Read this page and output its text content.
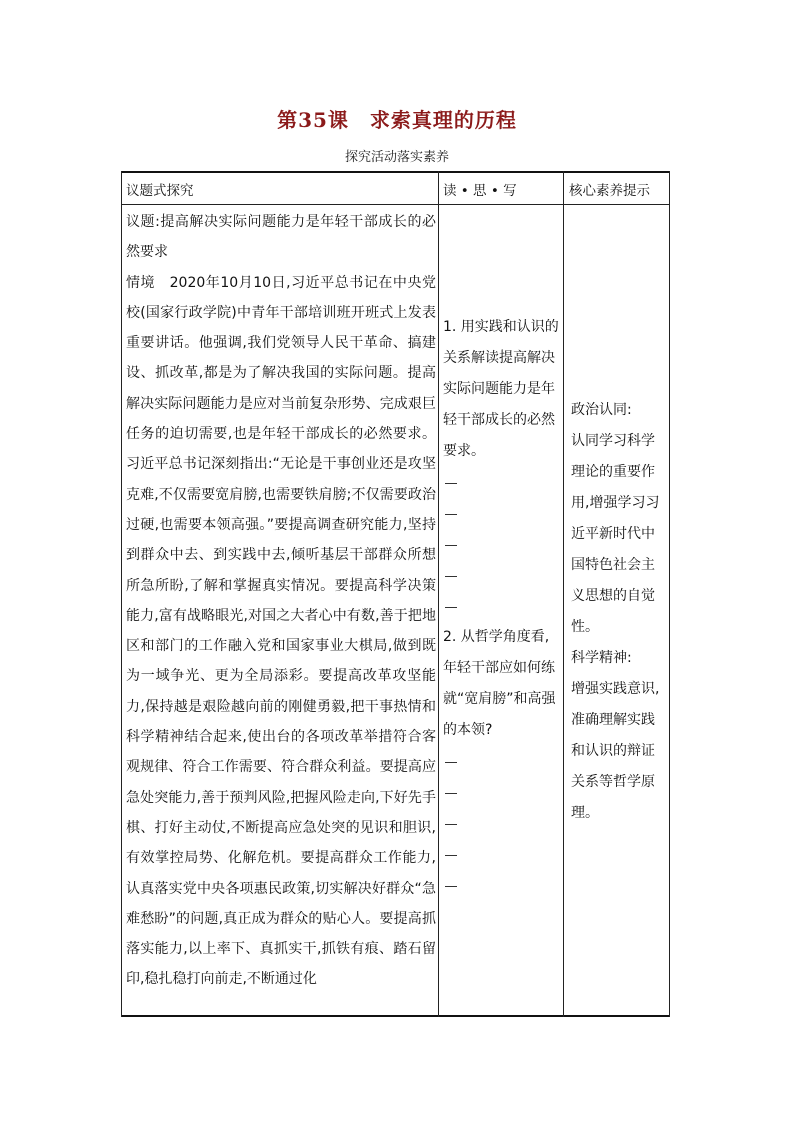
第35课　求索真理的历程
探究活动落实素养
议题式探究	读 • 思 • 写	核心素养提示

议题:提高解决实际问题能力是年轻干部成长的必然要求

情境　2020年10月10日,习近平总书记在中央党校(国家行政学院)中青年干部培训班开班式上发表重要讲话。他强调,我们党领导人民干革命、搞建设、抓改革,都是为了解决我国的实际问题。提高解决实际问题能力是应对当前复杂形势、完成艰巨任务的迫切需要,也是年轻干部成长的必然要求。习近平总书记深刻指出:“无论是干事创业还是攻坚克难,不仅需要宽肩膀,也需要铁肩膀;不仅需要政治过硬,也需要本领高强。”要提高调查研究能力,坚持到群众中去、到实践中去,倾听基层干部群众所想所急所盼,了解和掌握真实情况。要提高科学决策能力,富有战略眼光,对国之大者心中有数,善于把地区和部门的工作融入党和国家事业大棋局,做到既为一域争光、更为全局添彩。要提高改革攻坚能力,保持越是艰险越向前的刚健勇毅,把干事热情和科学精神结合起来,使出台的各项改革举措符合客观规律、符合工作需要、符合群众利益。要提高应急处突能力,善于预判风险,把握风险走向,下好先手棋、打好主动仗,不断提高应急处突的见识和胆识,有效掌控局势、化解危机。要提高群众工作能力,认真落实党中央各项惠民政策,切实解决好群众“急难愁盼”的问题,真正成为群众的贴心人。要提高抓落实能力,以上率下、真抓实干,抓铁有痕、踏石留印,稳扎稳打向前走,不断通过化

1. 用实践和认识的关系解读提高解决实际问题能力是年轻干部成长的必然要求。

2. 从哲学角度看,年轻干部应如何练就“宽肩膀”和高强的本领?

政治认同:

认同学习科学理论的重要作用,增强学习习近平新时代中国特色社会主义思想的自觉性。

科学精神:

增强实践意识,准确理解实践和认识的辩证关系等哲学原理。
